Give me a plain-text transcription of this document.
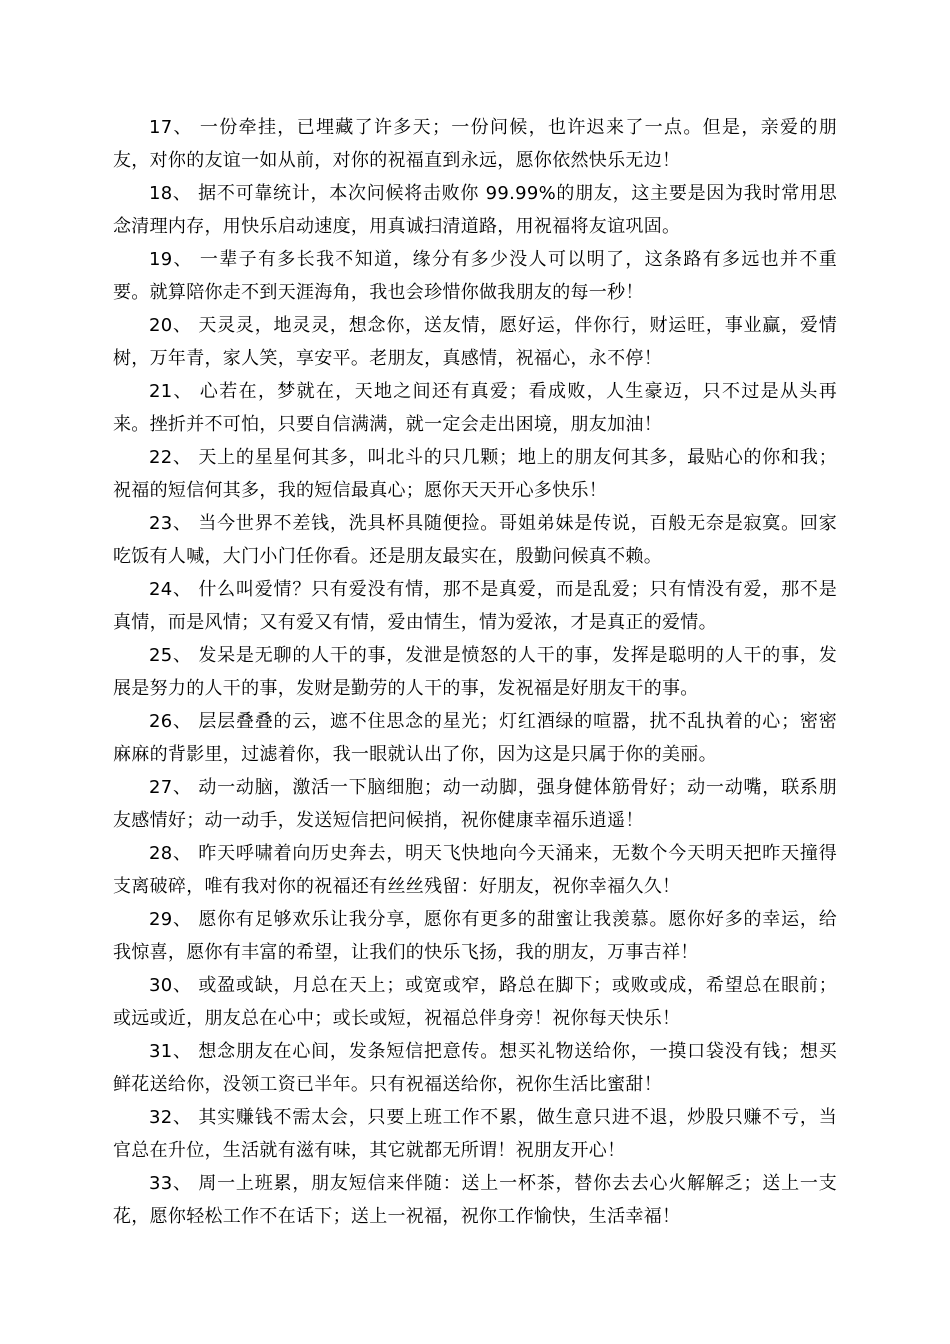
17、 一份牵挂，已埋藏了许多天；一份问候，也许迟来了一点。但是，亲爱的朋友，对你的友谊一如从前，对你的祝福直到永远，愿你依然快乐无边！

18、 据不可靠统计，本次问候将击败你 99.99%的朋友，这主要是因为我时常用思念清理内存，用快乐启动速度，用真诚扫清道路，用祝福将友谊巩固。

19、 一辈子有多长我不知道，缘分有多少没人可以明了，这条路有多远也并不重要。就算陪你走不到天涯海角，我也会珍惜你做我朋友的每一秒！

20、 天灵灵，地灵灵，想念你，送友情，愿好运，伴你行，财运旺，事业赢，爱情树，万年青，家人笑，享安平。老朋友，真感情，祝福心，永不停！

21、 心若在，梦就在，天地之间还有真爱；看成败，人生豪迈，只不过是从头再来。挫折并不可怕，只要自信满满，就一定会走出困境，朋友加油！

22、 天上的星星何其多，叫北斗的只几颗；地上的朋友何其多，最贴心的你和我；祝福的短信何其多，我的短信最真心；愿你天天开心多快乐！

23、 当今世界不差钱，洗具杯具随便捡。哥姐弟妹是传说，百般无奈是寂寞。回家吃饭有人喊，大门小门任你看。还是朋友最实在，殷勤问候真不赖。

24、 什么叫爱情？只有爱没有情，那不是真爱，而是乱爱；只有情没有爱，那不是真情，而是风情；又有爱又有情，爱由情生，情为爱浓，才是真正的爱情。

25、 发呆是无聊的人干的事，发泄是愤怒的人干的事，发挥是聪明的人干的事，发展是努力的人干的事，发财是勤劳的人干的事，发祝福是好朋友干的事。

26、 层层叠叠的云，遮不住思念的星光；灯红酒绿的喧嚣，扰不乱执着的心；密密麻麻的背影里，过滤着你，我一眼就认出了你，因为这是只属于你的美丽。

27、 动一动脑，激活一下脑细胞；动一动脚，强身健体筋骨好；动一动嘴，联系朋友感情好；动一动手，发送短信把问候捎，祝你健康幸福乐逍遥！

28、 昨天呼啸着向历史奔去，明天飞快地向今天涌来，无数个今天明天把昨天撞得支离破碎，唯有我对你的祝福还有丝丝残留：好朋友，祝你幸福久久！

29、 愿你有足够欢乐让我分享，愿你有更多的甜蜜让我羡慕。愿你好多的幸运，给我惊喜，愿你有丰富的希望，让我们的快乐飞扬，我的朋友，万事吉祥！

30、 或盈或缺，月总在天上；或宽或窄，路总在脚下；或败或成，希望总在眼前；或远或近，朋友总在心中；或长或短，祝福总伴身旁！祝你每天快乐！

31、 想念朋友在心间，发条短信把意传。想买礼物送给你，一摸口袋没有钱；想买鲜花送给你，没领工资已半年。只有祝福送给你，祝你生活比蜜甜！

32、 其实赚钱不需太会，只要上班工作不累，做生意只进不退，炒股只赚不亏，当官总在升位，生活就有滋有味，其它就都无所谓！祝朋友开心！

33、 周一上班累，朋友短信来伴随：送上一杯茶，替你去去心火解解乏；送上一支花，愿你轻松工作不在话下；送上一祝福，祝你工作愉快，生活幸福！
